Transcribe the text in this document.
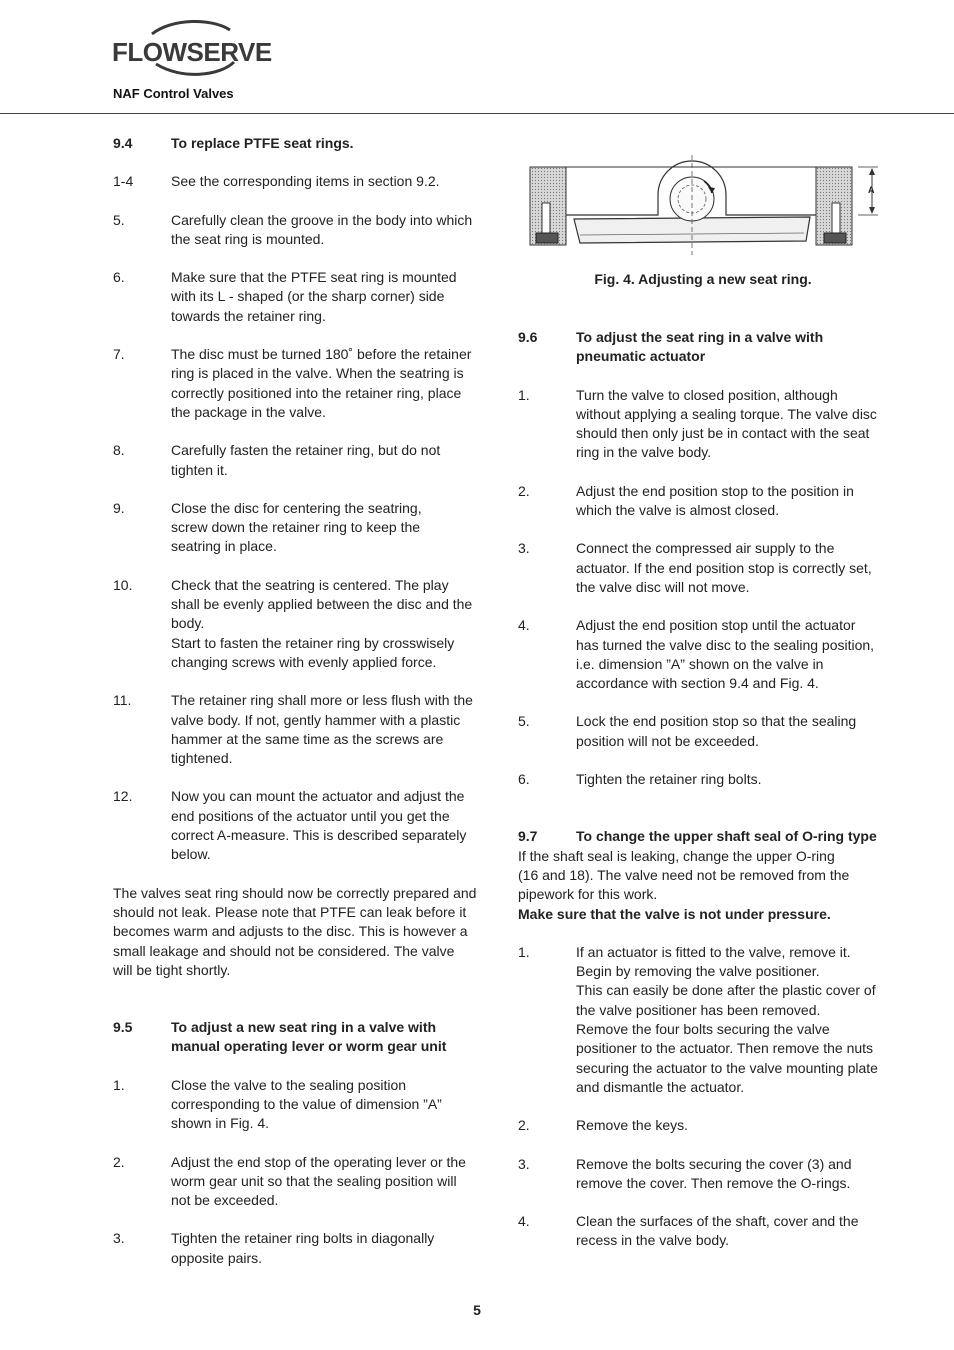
FLOWSERVE
NAF Control Valves
9.4	To replace PTFE seat rings.
1-4	See the corresponding items in section 9.2.

5.	Carefully clean the groove in the body into which

the seat ring is mounted.

6.	Make sure that the PTFE seat ring is mounted

with its L - shaped (or the sharp corner) side

towards the retainer ring.

7.	The disc must be turned 180˚ before the retainer

ring is placed in the valve. When the seatring is

correctly positioned into the retainer ring, place

the package in the valve.

8.	Carefully fasten the retainer ring, but do not

tighten it.

9.	Close the disc for centering the seatring,

screw down the retainer ring to keep the

seatring in place.

10.	Check that the seatring is centered. The play

shall be evenly applied between the disc and the

body.

Start to fasten the retainer ring by crosswisely

changing screws with evenly applied force.

11.	The retainer ring shall more or less flush with the

valve body. If not, gently hammer with a plastic

hammer at the same time as the screws are

tightened.

12.	Now you can mount the actuator and adjust the

end positions of the actuator until you get the

correct A-measure. This is described separately

below.

The valves seat ring should now be correctly prepared and

should not leak. Please note that PTFE can leak before it

becomes warm and adjusts to the disc. This is however a

small leakage and should not be considered. The valve

will be tight shortly.

9.5	To adjust a new seat ring in a valve with

manual operating lever or worm gear unit

1.	Close the valve to the sealing position

corresponding to the value of dimension ”A”

shown in Fig. 4.

2.	Adjust the end stop of the operating lever or the

worm gear unit so that the sealing position will

not be exceeded.

3.	Tighten the retainer ring bolts in diagonally

opposite pairs.

A
Fig. 4. Adjusting a new seat ring.
9.6	To adjust the seat ring in a valve with

pneumatic actuator

1.	Turn the valve to closed position, although

without applying a sealing torque. The valve disc

should then only just be in contact with the seat

ring in the valve body.

2.	Adjust the end position stop to the position in

which the valve is almost closed.

3.	Connect the compressed air supply to the

actuator. If the end position stop is correctly set,

the valve disc will not move.

4.	Adjust the end position stop until the actuator

has turned the valve disc to the sealing position,

i.e. dimension ”A” shown on the valve in

accordance with section 9.4 and Fig. 4.

5.	Lock the end position stop so that the sealing

position will not be exceeded.

6.	Tighten the retainer ring bolts.

9.7	To change the upper shaft seal of O-ring type

If the shaft seal is leaking, change the upper O-ring

(16 and 18). The valve need not be removed from the

pipework for this work.

Make sure that the valve is not under pressure.
1.	If an actuator is fitted to the valve, remove it.

Begin by removing the valve positioner.

This can easily be done after the plastic cover of

the valve positioner has been removed.

Remove the four bolts securing the valve

positioner to the actuator. Then remove the nuts

securing the actuator to the valve mounting plate

and dismantle the actuator.

2.	Remove the keys.

3.	Remove the bolts securing the cover (3) and

remove the cover. Then remove the O-rings.

4.	Clean the surfaces of the shaft, cover and the

recess in the valve body.

5
